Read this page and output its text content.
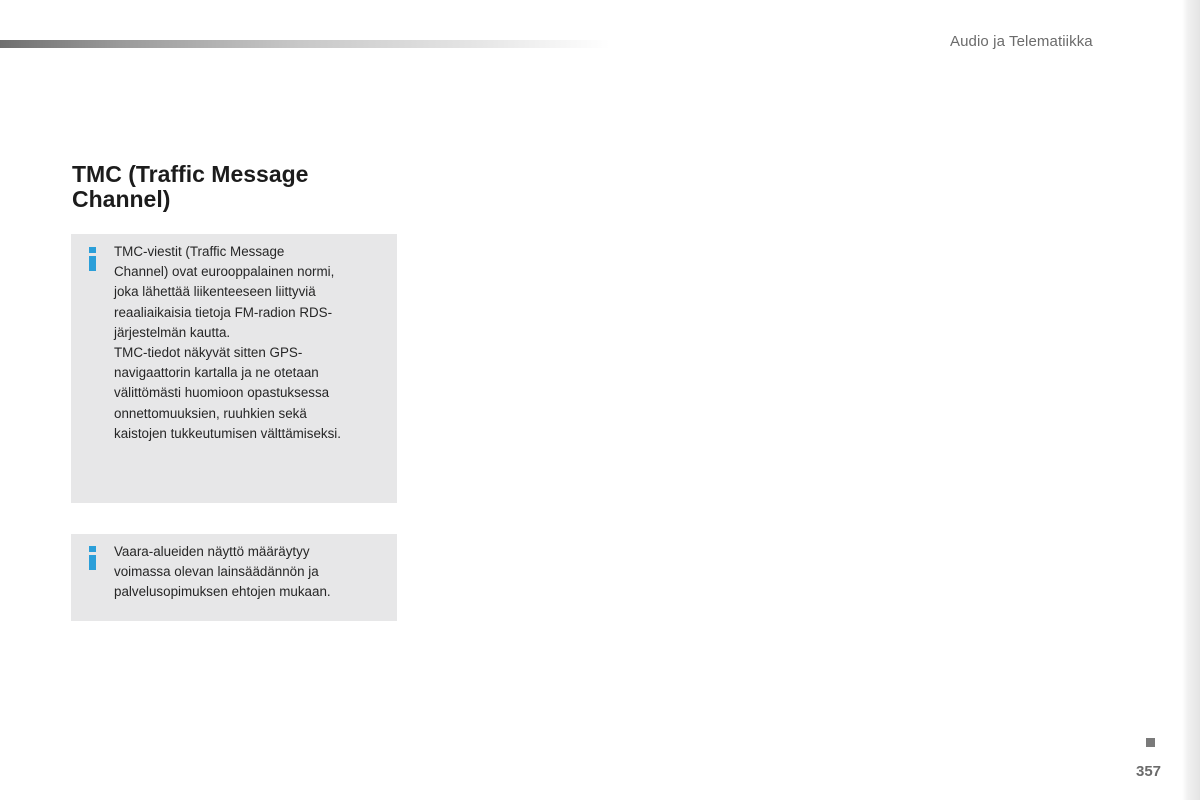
Audio ja Telematiikka
TMC (Traffic Message Channel)
TMC-viestit (Traffic Message
Channel) ovat eurooppalainen normi,
joka lähettää liikenteeseen liittyviä
reaaliaikaisia tietoja FM-radion RDS-
järjestelmän kautta.
TMC-tiedot näkyvät sitten GPS-
navigaattorin kartalla ja ne otetaan
välittömästi huomioon opastuksessa
onnettomuuksien, ruuhkien sekä
kaistojen tukkeutumisen välttämiseksi.
Vaara-alueiden näyttö määräytyy
voimassa olevan lainsäädännön ja
palvelusopimuksen ehtojen mukaan.
357
